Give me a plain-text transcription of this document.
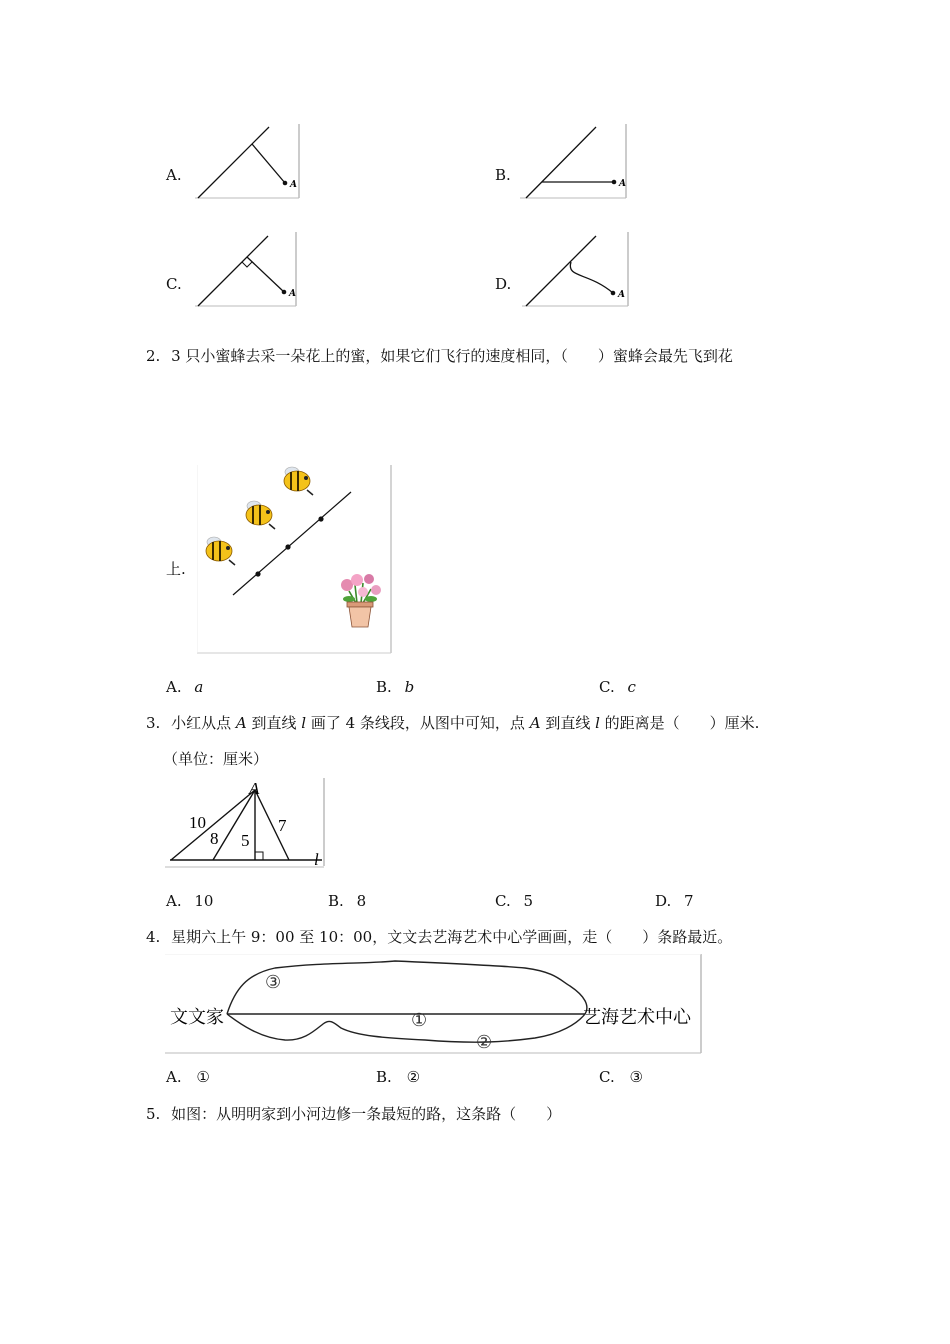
A.
A
B.	A
C.
A
D.
A
2. 3 只小蜜蜂去采一朵花上的蜜，如果它们飞行的速度相同，（　　）蜜蜂会最先飞到花
上.
A. a	B. b	C. c
3. 小红从点 A 到直线 l 画了 4 条线段，从图中可知，点 A 到直线 l 的距离是（　　）厘米.
（单位：厘米）
A
l
10
8 5
7
A. 10	B. 8	C. 5	D. 7
4. 星期六上午 9：00 至 10：00，文文去艺海艺术中心学画画，走（　　）条路最近。
文文家	艺海艺术中心
①
②
③
A. ①	B. ②	C. ③
5. 如图：从明明家到小河边修一条最短的路，这条路（　　）
